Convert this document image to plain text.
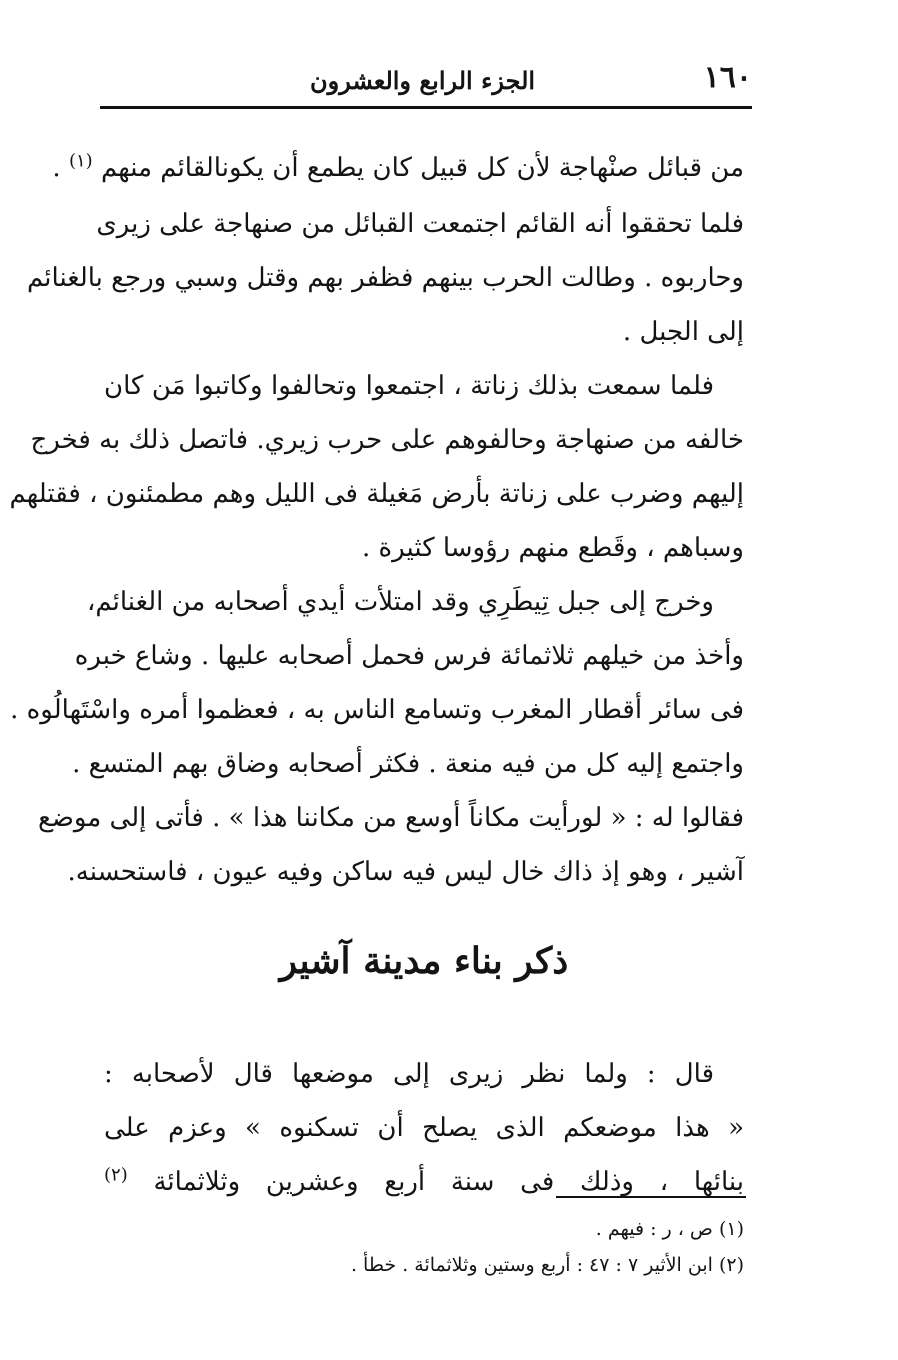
١٦٠
الجزء الرابع والعشرون
من قبائل صنْهاجة لأن كل قبيل كان يطمع أن يكونالقائم منهم $^{(١)}$ .
فلما تحققوا أنه القائم اجتمعت القبائل من صنهاجة على زيرى
وحاربوه . وطالت الحرب بينهم فظفر بهم وقتل وسبي ورجع بالغنائم
إلى الجبل .
فلما سمعت بذلك زناتة ، اجتمعوا وتحالفوا وكاتبوا مَن كان
خالفه من صنهاجة وحالفوهم على حرب زيري. فاتصل ذلك به فخرج
إليهم وضرب على زناتة بأرض مَغيلة فى الليل وهم مطمئنون ، فقتلهم
وسباهم ، وقَطع منهم رؤوسا كثيرة .
وخرج إلى جبل تِيطَرِي وقد امتلأت أيدي أصحابه من الغنائم،
وأخذ من خيلهم ثلاثمائة فرس فحمل أصحابه عليها . وشاع خبره
فى سائر أقطار المغرب وتسامع الناس به ، فعظموا أمره واسْتَهالُوه .
واجتمع إليه كل من فيه منعة . فكثر أصحابه وضاق بهم المتسع .
فقالوا له : « لورأيت مكاناً أوسع من مكاننا هذا » . فأتى إلى موضع
آشير ، وهو إذ ذاك خال ليس فيه ساكن وفيه عيون ، فاستحسنه.
ذكر بناء مدينة آشير
قال : ولما نظر زيرى إلى موضعها قال لأصحابه :
« هذا موضعكم الذى يصلح أن تسكنوه » وعزم على
بنائها ، وذلك فى سنة أربع وعشرين وثلاثمائة $^{(٢)}$
(١) ص ، ر : فيهم .
(٢) ابن الأثير ٧ : ٤٧ : أربع وستين وثلاثمائة . خطأ .
